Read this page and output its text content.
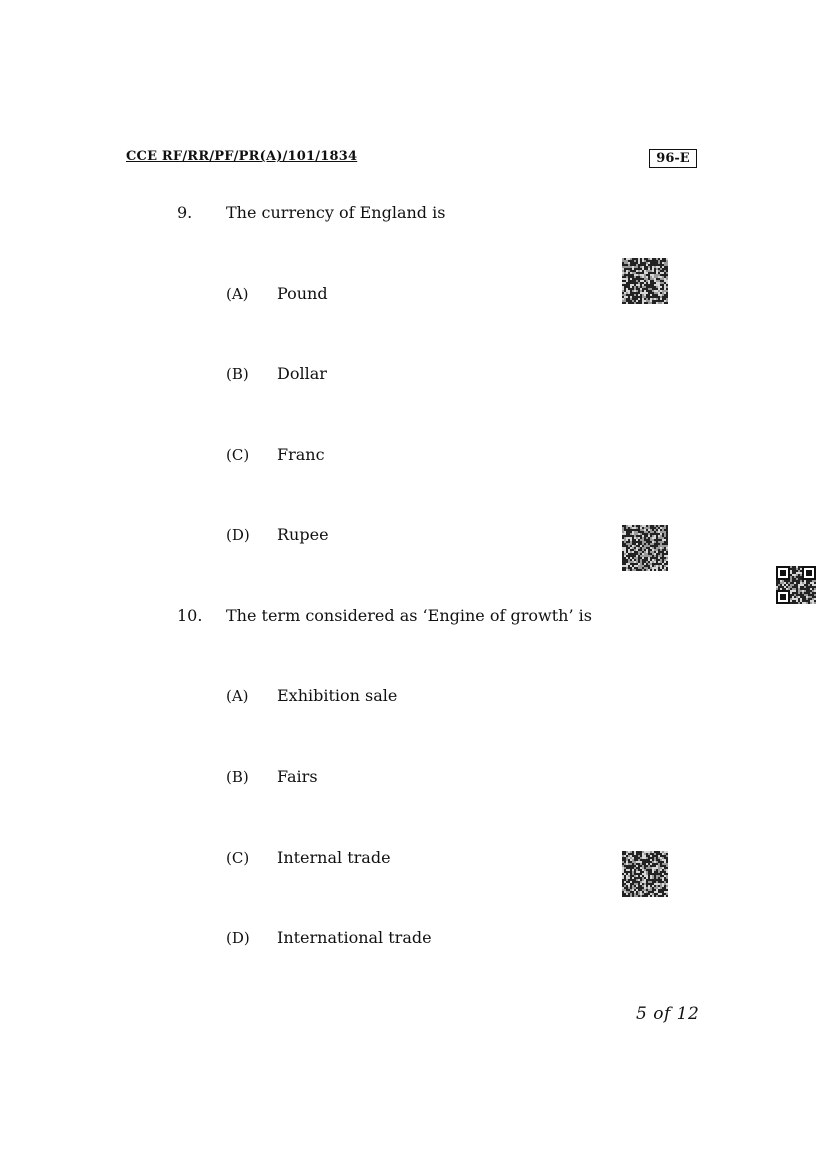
CCE RF/RR/PF/PR(A)/101/1834	96-E
9. The currency of England is
(A) Pound
(B) Dollar
(C) Franc
(D) Rupee
10. The term considered as ‘Engine of growth’ is
(A) Exhibition sale
(B) Fairs
(C) Internal trade
(D) International trade
5 of 12
